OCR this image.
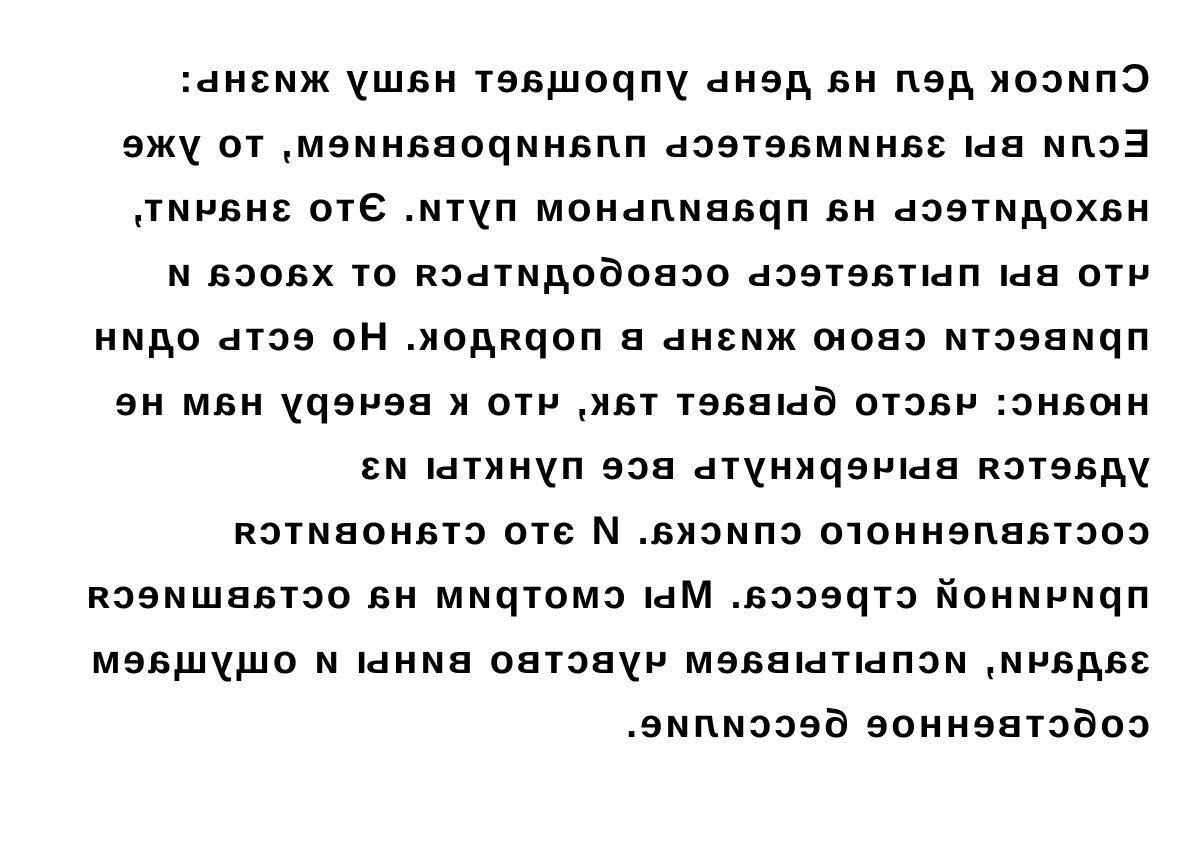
Список дел на день упрощает нашу жизнь:
Если вы занимаетесь планированием, то уже
находитесь на правильном пути. Это значит,
что вы пытаетесь освободиться от хаоса и
привести свою жизнь в порядок. Но есть один
нюанс: часто бывает так, что к вечеру нам не
удается вычеркнуть все пункты из
составленного списка. И это становится
причиной стресса. Мы смотрим на оставшиеся
задачи, испытываем чувство вины и ощущаем
собственное бессилие.
